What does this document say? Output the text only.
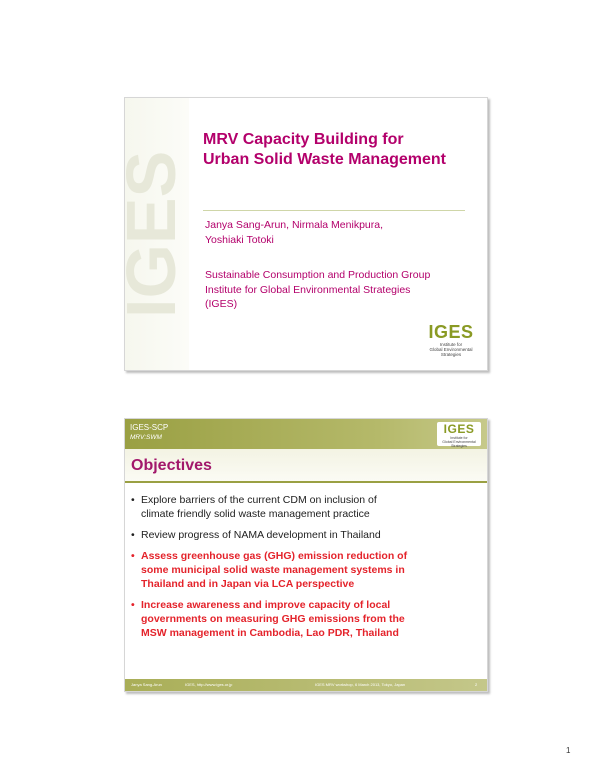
IGES
MRV Capacity Building for
Urban Solid Waste Management
Janya Sang-Arun, Nirmala Menikpura,
Yoshiaki Totoki
Sustainable Consumption and Production Group
Institute for Global Environmental Strategies
(IGES)
IGES
Institute for
Global Environmental
Strategies
IGES-SCP
MRV:SWM
IGES
Institute for
Global Environmental
Strategies
Objectives
• Explore barriers of the current CDM on inclusion of
climate friendly solid waste management practice
• Review progress of NAMA development in Thailand
• Assess greenhouse gas (GHG) emission reduction of
some municipal solid waste management systems in
Thailand and in Japan via LCA perspective
• Increase awareness and improve capacity of local
governments on measuring GHG emissions from the
MSW management in Cambodia, Lao PDR, Thailand
Janya Sang-Arun	IGES, http://www.iges.or.jp	IGES MRV workshop, 6 March 2013, Tokyo, Japan	2
1
